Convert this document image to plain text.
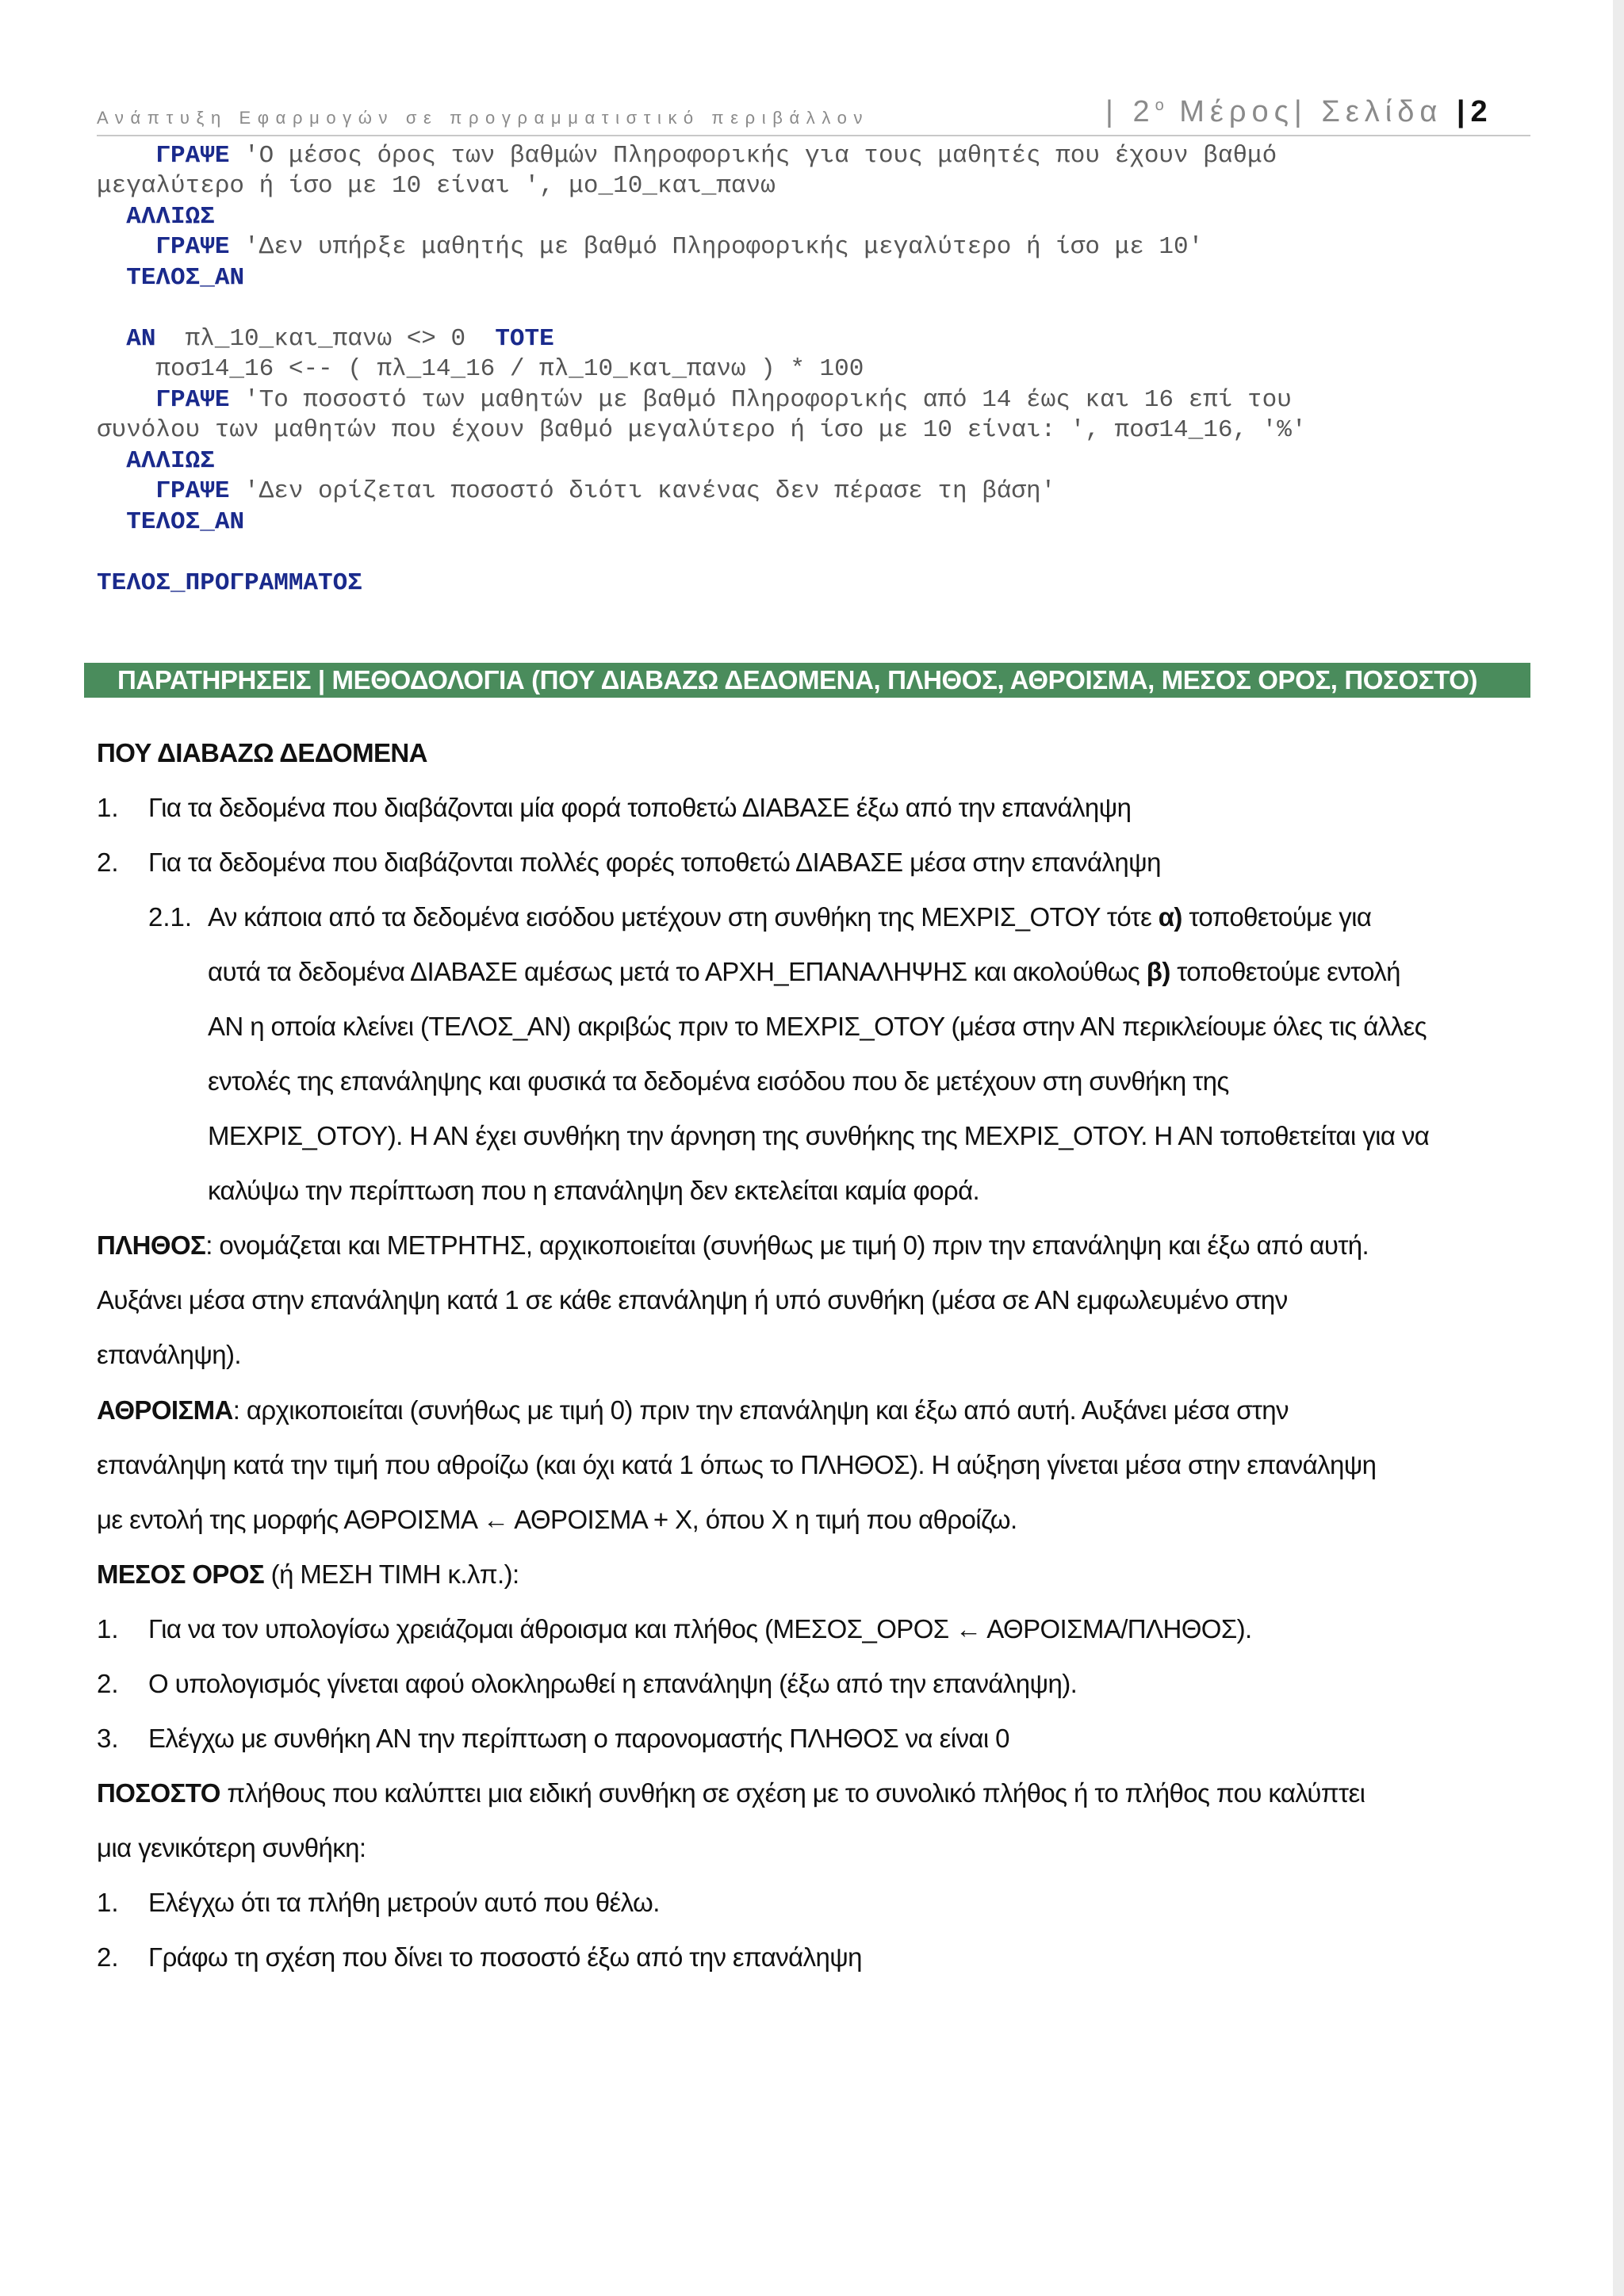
Ανάπτυξη Εφαρμογών σε προγραμματιστικό περιβάλλον	| $2^o$ Μέρος| Σελίδα |2
ΓΡΑΨΕ 'Ο μέσος όρος των βαθμών Πληροφορικής για τους μαθητές που έχουν βαθμό
μεγαλύτερο ή ίσο με 10 είναι ', μο_10_και_πανω
ΑΛΛΙΩΣ
ΓΡΑΨΕ 'Δεν υπήρξε μαθητής με βαθμό Πληροφορικής μεγαλύτερο ή ίσο με 10'
ΤΕΛΟΣ_ΑΝ
ΑΝ  πλ_10_και_πανω <> 0  ΤΟΤΕ
ποσ14_16 <-- ( πλ_14_16 / πλ_10_και_πανω ) * 100
ΓΡΑΨΕ 'Το ποσοστό των μαθητών με βαθμό Πληροφορικής από 14 έως και 16 επί του
συνόλου των μαθητών που έχουν βαθμό μεγαλύτερο ή ίσο με 10 είναι: ', ποσ14_16, '%'
ΑΛΛΙΩΣ
ΓΡΑΨΕ 'Δεν ορίζεται ποσοστό διότι κανένας δεν πέρασε τη βάση'
ΤΕΛΟΣ_ΑΝ
ΤΕΛΟΣ_ΠΡΟΓΡΑΜΜΑΤΟΣ
ΠΑΡΑΤΗΡΗΣΕΙΣ | ΜΕΘΟΔΟΛΟΓΙΑ (ΠΟΥ ΔΙΑΒΑΖΩ ΔΕΔΟΜΕΝΑ, ΠΛΗΘΟΣ, ΑΘΡΟΙΣΜΑ, ΜΕΣΟΣ ΟΡΟΣ, ΠΟΣΟΣΤΟ)
ΠΟΥ ΔΙΑΒΑΖΩ ΔΕΔΟΜΕΝΑ
1. Για τα δεδομένα που διαβάζονται μία φορά τοποθετώ ΔΙΑΒΑΣΕ έξω από την επανάληψη
2. Για τα δεδομένα που διαβάζονται πολλές φορές τοποθετώ ΔΙΑΒΑΣΕ μέσα στην επανάληψη
2.1. Αν κάποια από τα δεδομένα εισόδου μετέχουν στη συνθήκη της ΜΕΧΡΙΣ_ΟΤΟΥ τότε α) τοποθετούμε για
αυτά τα δεδομένα ΔΙΑΒΑΣΕ αμέσως μετά το ΑΡΧΗ_ΕΠΑΝΑΛΗΨΗΣ και ακολούθως β) τοποθετούμε εντολή
ΑΝ η οποία κλείνει (ΤΕΛΟΣ_ΑΝ) ακριβώς πριν το ΜΕΧΡΙΣ_ΟΤΟΥ (μέσα στην ΑΝ περικλείουμε όλες τις άλλες
εντολές της επανάληψης και φυσικά τα δεδομένα εισόδου που δε μετέχουν στη συνθήκη της
ΜΕΧΡΙΣ_ΟΤΟΥ). Η ΑΝ έχει συνθήκη την άρνηση της συνθήκης της ΜΕΧΡΙΣ_ΟΤΟΥ. Η ΑΝ τοποθετείται για να
καλύψω την περίπτωση που η επανάληψη δεν εκτελείται καμία φορά.
ΠΛΗΘΟΣ: ονομάζεται και ΜΕΤΡΗΤΗΣ, αρχικοποιείται (συνήθως με τιμή 0) πριν την επανάληψη και έξω από αυτή.
Αυξάνει μέσα στην επανάληψη κατά 1 σε κάθε επανάληψη ή υπό συνθήκη (μέσα σε ΑΝ εμφωλευμένο στην
επανάληψη).
ΑΘΡΟΙΣΜΑ: αρχικοποιείται (συνήθως με τιμή 0) πριν την επανάληψη και έξω από αυτή. Αυξάνει μέσα στην
επανάληψη κατά την τιμή που αθροίζω (και όχι κατά 1 όπως το ΠΛΗΘΟΣ). Η αύξηση γίνεται μέσα στην επανάληψη
με εντολή της μορφής ΑΘΡΟΙΣΜΑ ← ΑΘΡΟΙΣΜΑ + Χ, όπου Χ η τιμή που αθροίζω.
ΜΕΣΟΣ ΟΡΟΣ (ή ΜΕΣΗ ΤΙΜΗ κ.λπ.):
1. Για να τον υπολογίσω χρειάζομαι άθροισμα και πλήθος (ΜΕΣΟΣ_ΟΡΟΣ ← ΑΘΡΟΙΣΜΑ/ΠΛΗΘΟΣ).
2. Ο υπολογισμός γίνεται αφού ολοκληρωθεί η επανάληψη (έξω από την επανάληψη).
3. Ελέγχω με συνθήκη ΑΝ την περίπτωση ο παρονομαστής ΠΛΗΘΟΣ να είναι 0
ΠΟΣΟΣΤΟ πλήθους που καλύπτει μια ειδική συνθήκη σε σχέση με το συνολικό πλήθος ή το πλήθος που καλύπτει
μια γενικότερη συνθήκη:
1. Ελέγχω ότι τα πλήθη μετρούν αυτό που θέλω.
2. Γράφω τη σχέση που δίνει το ποσοστό έξω από την επανάληψη
